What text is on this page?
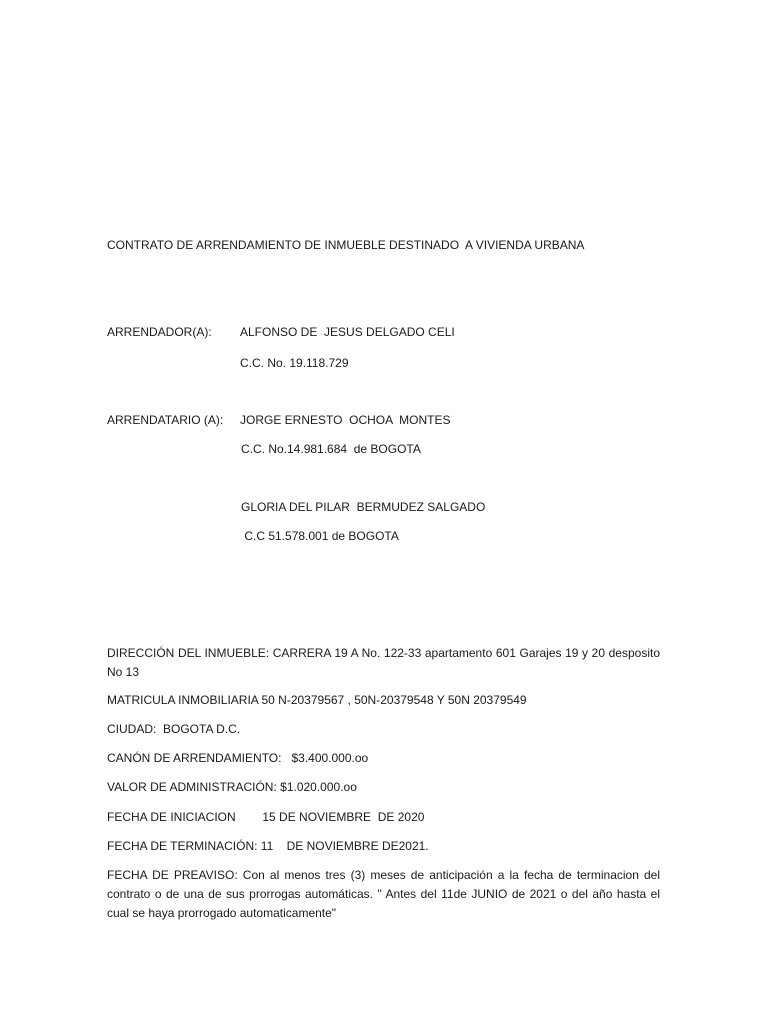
CONTRATO DE ARRENDAMIENTO DE INMUEBLE DESTINADO  A VIVIENDA URBANA
ARRENDADOR(A): ALFONSO DE  JESUS DELGADO CELI
C.C. No. 19.118.729
ARRENDATARIO (A): JORGE ERNESTO  OCHOA  MONTES
C.C. No.14.981.684  de BOGOTA
GLORIA DEL PILAR  BERMUDEZ SALGADO
C.C 51.578.001 de BOGOTA
DIRECCIÓN DEL INMUEBLE: CARRERA 19 A No. 122-33 apartamento 601 Garajes 19 y 20 desposito No 13
MATRICULA INMOBILIARIA 50 N-20379567 , 50N-20379548 Y 50N 20379549
CIUDAD:  BOGOTA D.C.
CANÓN DE ARRENDAMIENTO:   $3.400.000.oo
VALOR DE ADMINISTRACIÓN: $1.020.000.oo
FECHA DE INICIACION        15 DE NOVIEMBRE  DE 2020
FECHA DE TERMINACIÓN: 11    DE NOVIEMBRE DE2021.
FECHA DE PREAVISO: Con al menos tres (3) meses de anticipación a la fecha de terminacion del contrato o de una de sus prorrogas automáticas. " Antes del 11de JUNIO de 2021 o del año hasta el cual se haya prorrogado automaticamente"
